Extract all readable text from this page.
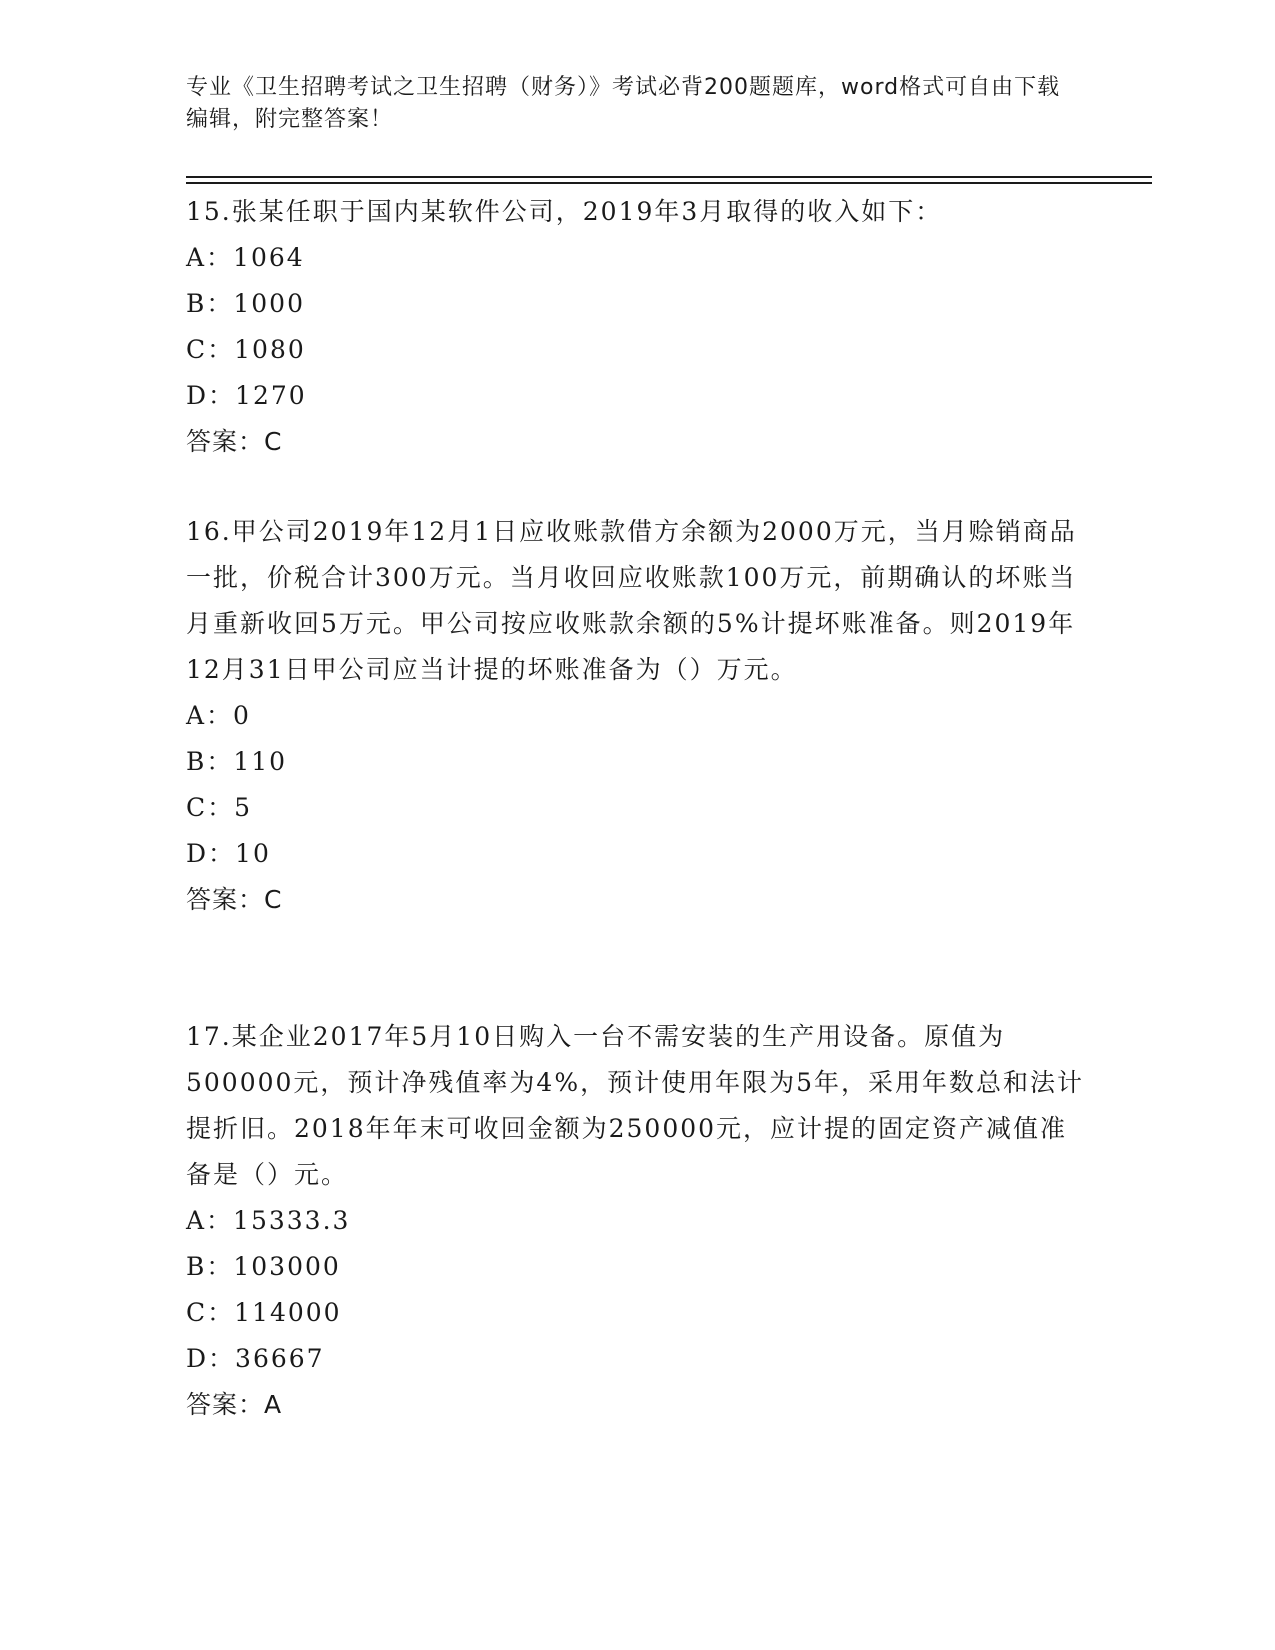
专业《卫生招聘考试之卫生招聘（财务）》考试必背200题题库，word格式可自由下载编辑，附完整答案！

15.张某任职于国内某软件公司，2019年3月取得的收入如下：

A：1064

B：1000

C：1080

D：1270

答案：C

16.甲公司2019年12月1日应收账款借方余额为2000万元，当月赊销商品一批，价税合计300万元。当月收回应收账款100万元，前期确认的坏账当月重新收回5万元。甲公司按应收账款余额的5%计提坏账准备。则2019年12月31日甲公司应当计提的坏账准备为（）万元。

A：0

B：110

C：5

D：10

答案：C

17.某企业2017年5月10日购入一台不需安装的生产用设备。原值为500000元，预计净残值率为4%，预计使用年限为5年，采用年数总和法计提折旧。2018年年末可收回金额为250000元，应计提的固定资产减值准备是（）元。

A：15333.3

B：103000

C：114000

D：36667

答案：A
